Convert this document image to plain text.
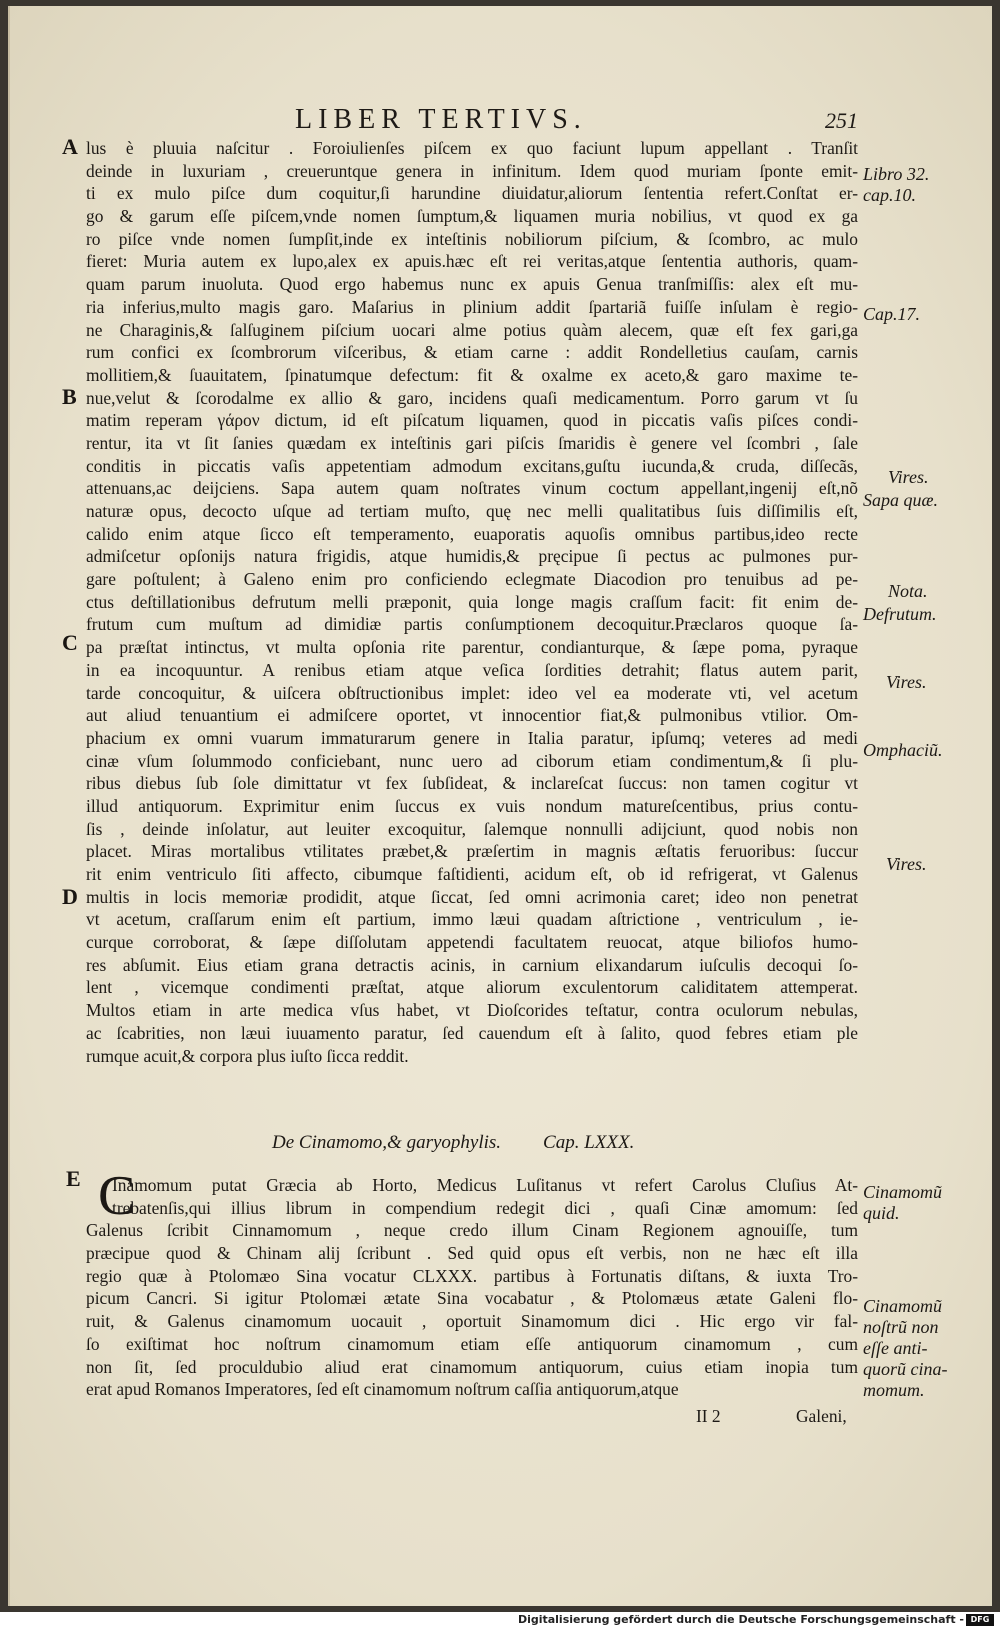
LIBER TERTIVS.	251
A
B
C
D
E
lus è pluuia naſcitur . Foroiulienſes piſcem ex quo faciunt lupum appellant . Tranſit
deinde in luxuriam , creueruntque genera in infinitum. Idem quod muriam ſponte emit-
ti ex mulo piſce dum coquitur,ſi harundine diuidatur,aliorum ſententia refert.Conſtat er-
go & garum eſſe piſcem,vnde nomen ſumptum,& liquamen muria nobilius, vt quod ex ga
ro piſce vnde nomen ſumpſit,inde ex inteſtinis nobiliorum piſcium, & ſcombro, ac mulo
fieret: Muria autem ex lupo,alex ex apuis.hæc eſt rei veritas,atque ſententia authoris, quam-
quam parum inuoluta. Quod ergo habemus nunc ex apuis Genua tranſmiſſis: alex eſt mu-
ria inferius,multo magis garo. Maſarius in plinium addit ſpartariã fuiſſe inſulam è regio-
ne Charaginis,& ſalſuginem piſcium uocari alme potius quàm alecem, quæ eſt fex gari,ga
rum confici ex ſcombrorum viſceribus, & etiam carne : addit Rondelletius cauſam, carnis
mollitiem,& ſuauitatem, ſpinatumque defectum: fit & oxalme ex aceto,& garo maxime te-
nue,velut & ſcorodalme ex allio & garo, incidens quaſi medicamentum. Porro garum vt ſu
matim reperam γάρον dictum, id eſt piſcatum liquamen, quod in piccatis vaſis piſces condi-
rentur, ita vt ſit ſanies quædam ex inteſtinis gari piſcis ſmaridis è genere vel ſcombri , ſale
conditis in piccatis vaſis appetentiam admodum excitans,guſtu iucunda,& cruda, diſſecãs,
attenuans,ac deijciens. Sapa autem quam noſtrates vinum coctum appellant,ingenij eſt,nõ
naturæ opus, decocto uſque ad tertiam muſto, quę nec melli qualitatibus ſuis diſſimilis eſt,
calido enim atque ſicco eſt temperamento, euaporatis aquoſis omnibus partibus,ideo recte
admiſcetur opſonijs natura frigidis, atque humidis,& pręcipue ſi pectus ac pulmones pur-
gare poſtulent; à Galeno enim pro conficiendo eclegmate Diacodion pro tenuibus ad pe-
ctus deſtillationibus defrutum melli præponit, quia longe magis craſſum facit: fit enim de-
frutum cum muſtum ad dimidiæ partis conſumptionem decoquitur.Præclaros quoque ſa-
pa præſtat intinctus, vt multa opſonia rite parentur, condianturque, & ſæpe poma, pyraque
in ea incoquuntur. A renibus etiam atque veſica ſordities detrahit; flatus autem parit,
tarde concoquitur, & uiſcera obſtructionibus implet: ideo vel ea moderate vti, vel acetum
aut aliud tenuantium ei admiſcere oportet, vt innocentior fiat,& pulmonibus vtilior. Om-
phacium ex omni vuarum immaturarum genere in Italia paratur, ipſumq; veteres ad medi
cinæ vſum ſolummodo conficiebant, nunc uero ad ciborum etiam condimentum,& ſi plu-
ribus diebus ſub ſole dimittatur vt fex ſubſideat, & inclareſcat ſuccus: non tamen cogitur vt
illud antiquorum. Exprimitur enim ſuccus ex vuis nondum matureſcentibus, prius contu-
ſis , deinde inſolatur, aut leuiter excoquitur, ſalemque nonnulli adijciunt, quod nobis non
placet. Miras mortalibus vtilitates præbet,& præſertim in magnis æſtatis feruoribus: ſuccur
rit enim ventriculo ſiti affecto, cibumque faſtidienti, acidum eſt, ob id refrigerat, vt Galenus
multis in locis memoriæ prodidit, atque ſiccat, ſed omni acrimonia caret; ideo non penetrat
vt acetum, craſſarum enim eſt partium, immo læui quadam aſtrictione , ventriculum , ie-
curque corroborat, & ſæpe diſſolutam appetendi facultatem reuocat, atque biliofos humo-
res abſumit. Eius etiam grana detractis acinis, in carnium elixandarum iuſculis decoqui ſo-
lent , vicemque condimenti præſtat, atque aliorum exculentorum caliditatem attemperat.
Multos etiam in arte medica vſus habet, vt Dioſcorides teſtatur, contra oculorum nebulas,
ac ſcabrities, non læui iuuamento paratur, ſed cauendum eſt à ſalito, quod febres etiam ple
rumque acuit,& corpora plus iuſto ſicca reddit.
Libro 32.
cap.10.
Cap.17.
Vires.
Sapa quæ.
Nota.
Defrutum.
Vires.
Omphaciũ.
Vires.
De Cinamomo,& garyophylis. Cap. LXXX.
C
Inamomum putat Græcia ab Horto, Medicus Luſitanus vt refert Carolus Cluſius At-
trebatenſis,qui illius librum in compendium redegit dici , quaſi Cinæ amomum: ſed
Galenus ſcribit Cinnamomum , neque credo illum Cinam Regionem agnouiſſe, tum
præcipue quod & Chinam alij ſcribunt . Sed quid opus eſt verbis, non ne hæc eſt illa
regio quæ à Ptolomæo Sina vocatur CLXXX. partibus à Fortunatis diſtans, & iuxta Tro-
picum Cancri. Si igitur Ptolomæi ætate Sina vocabatur , & Ptolomæus ætate Galeni flo-
ruit, & Galenus cinamomum uocauit , oportuit Sinamomum dici . Hic ergo vir fal-
ſo exiſtimat hoc noſtrum cinamomum etiam eſſe antiquorum cinamomum , cum
non ſit, ſed proculdubio aliud erat cinamomum antiquorum, cuius etiam inopia tum
erat apud Romanos Imperatores, ſed eſt cinamomum noſtrum caſſia antiquorum,atque
Cinamomũ
quid.
Cinamomũ
noſtrũ non
eſſe anti-
quorũ cina-
momum.
II 2	Galeni,
Digitalisierung gefördert durch die Deutsche Forschungsgemeinschaft - DFG
